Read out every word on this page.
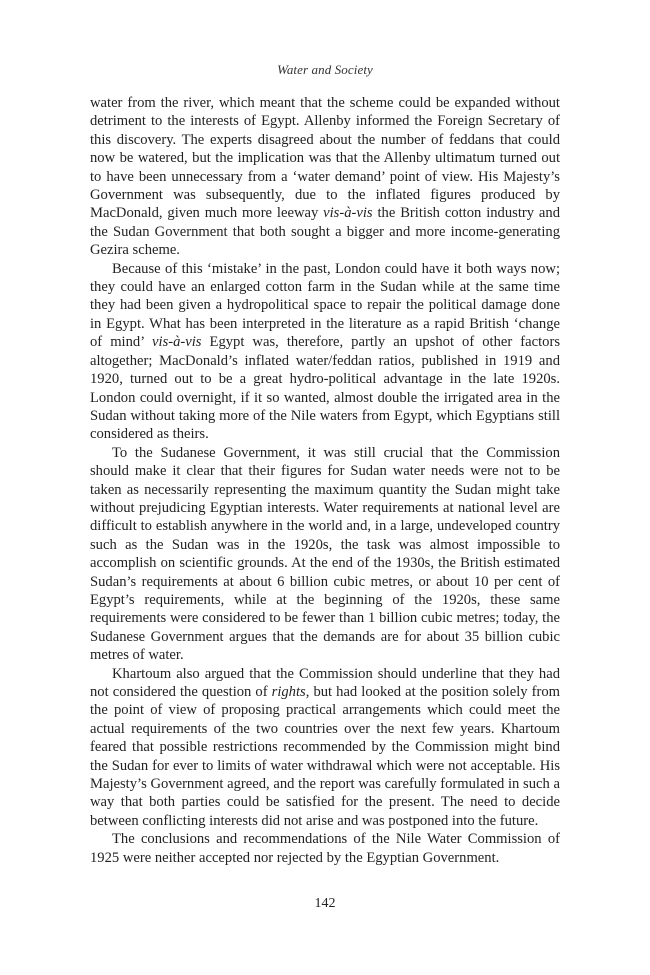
Water and Society

water from the river, which meant that the scheme could be expanded without detriment to the interests of Egypt. Allenby informed the Foreign Secretary of this discovery. The experts disagreed about the number of feddans that could now be watered, but the implication was that the Allenby ultimatum turned out to have been unnecessary from a ‘water demand’ point of view. His Majesty’s Government was subsequently, due to the inflated figures produced by MacDonald, given much more leeway vis-à-vis the British cotton industry and the Sudan Government that both sought a bigger and more income-generating Gezira scheme.

Because of this ‘mistake’ in the past, London could have it both ways now; they could have an enlarged cotton farm in the Sudan while at the same time they had been given a hydropolitical space to repair the political damage done in Egypt. What has been interpreted in the literature as a rapid British ‘change of mind’ vis-à-vis Egypt was, therefore, partly an upshot of other factors altogether; MacDonald’s inflated water/feddan ratios, published in 1919 and 1920, turned out to be a great hydro-political advantage in the late 1920s. London could overnight, if it so wanted, almost double the irrigated area in the Sudan without taking more of the Nile waters from Egypt, which Egyptians still considered as theirs.

To the Sudanese Government, it was still crucial that the Commission should make it clear that their figures for Sudan water needs were not to be taken as necessarily representing the maximum quantity the Sudan might take without prejudicing Egyptian interests. Water requirements at national level are difficult to establish anywhere in the world and, in a large, undeveloped country such as the Sudan was in the 1920s, the task was almost impossible to accomplish on scientific grounds. At the end of the 1930s, the British estimated Sudan’s requirements at about 6 billion cubic metres, or about 10 per cent of Egypt’s requirements, while at the beginning of the 1920s, these same requirements were considered to be fewer than 1 billion cubic metres; today, the Sudanese Government argues that the demands are for about 35 billion cubic metres of water.

Khartoum also argued that the Commission should underline that they had not considered the question of rights, but had looked at the position solely from the point of view of proposing practical arrangements which could meet the actual requirements of the two countries over the next few years. Khartoum feared that possible restrictions recommended by the Commission might bind the Sudan for ever to limits of water withdrawal which were not acceptable. His Majesty’s Government agreed, and the report was carefully formulated in such a way that both parties could be satisfied for the present. The need to decide between conflicting interests did not arise and was postponed into the future.

The conclusions and recommendations of the Nile Water Commission of 1925 were neither accepted nor rejected by the Egyptian Government.

142
